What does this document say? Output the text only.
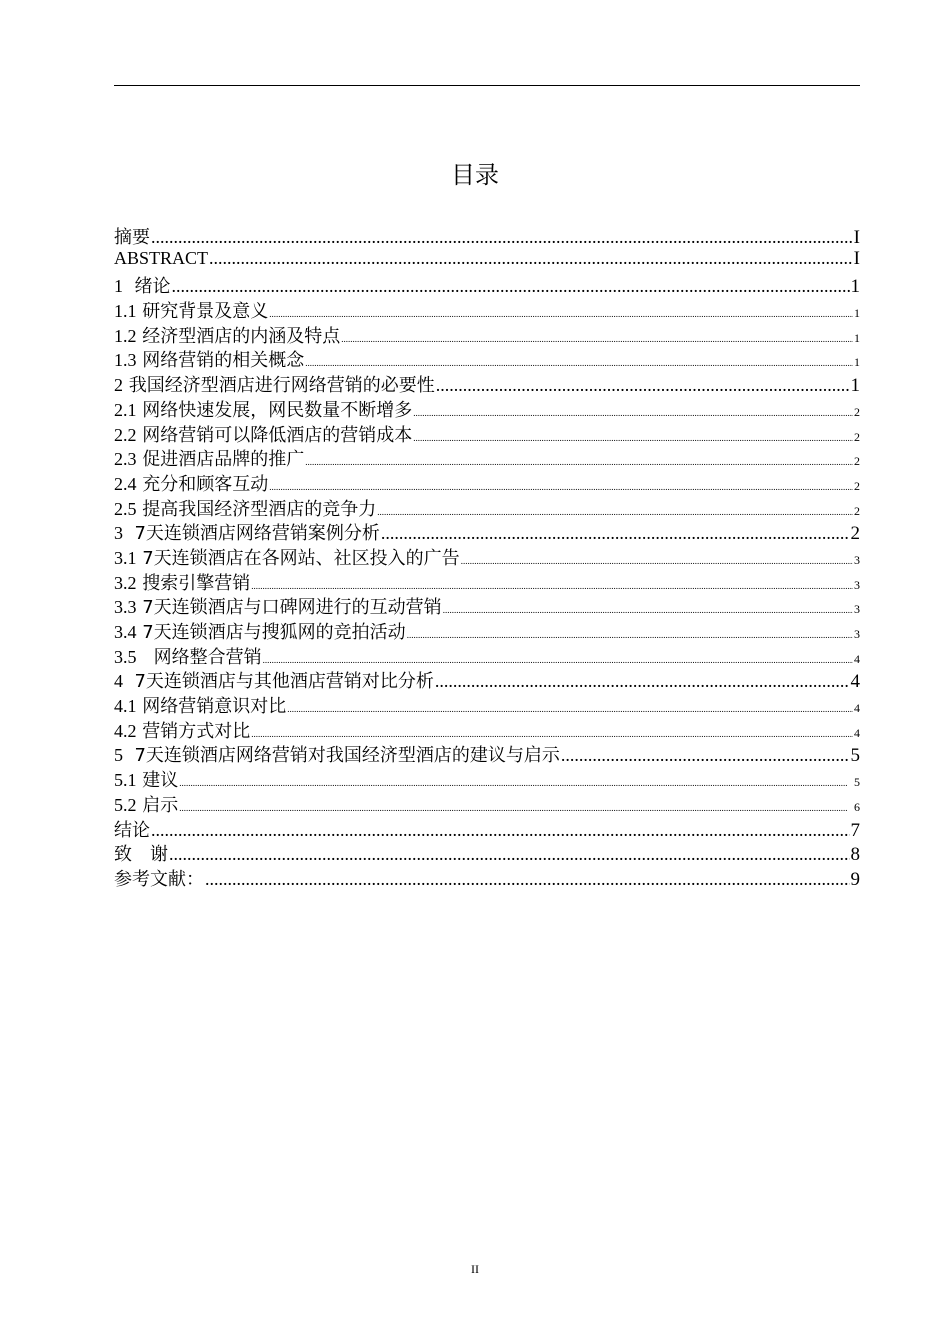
目录
摘要 .....	I
ABSTRACT .....	I
1  绪论 .....	1
1.1 研究背景及意义 .....	1
1.2 经济型酒店的内涵及特点 .....	1
1.3 网络营销的相关概念 .....	1
2 我国经济型酒店进行网络营销的必要性 .....	1
2.1 网络快速发展，网民数量不断增多 .....	2
2.2 网络营销可以降低酒店的营销成本 .....	2
2.3 促进酒店品牌的推广 .....	2
2.4 充分和顾客互动 .....	2
2.5 提高我国经济型酒店的竞争力 .....	2
3  7天连锁酒店网络营销案例分析 .....	2
3.1 7天连锁酒店在各网站、社区投入的广告 .....	3
3.2 搜索引擎营销 .....	3
3.3 7天连锁酒店与口碑网进行的互动营销 .....	3
3.4 7天连锁酒店与搜狐网的竞拍活动 .....	3
3.5   网络整合营销 .....	4
4  7天连锁酒店与其他酒店营销对比分析 .....	4
4.1 网络营销意识对比 .....	4
4.2 营销方式对比 .....	4
5  7天连锁酒店网络营销对我国经济型酒店的建议与启示 .....	5
5.1 建议 .....	5
5.2 启示 .....	6
结论 .....	7
致　谢 .....	8
参考文献： .....	9
II
